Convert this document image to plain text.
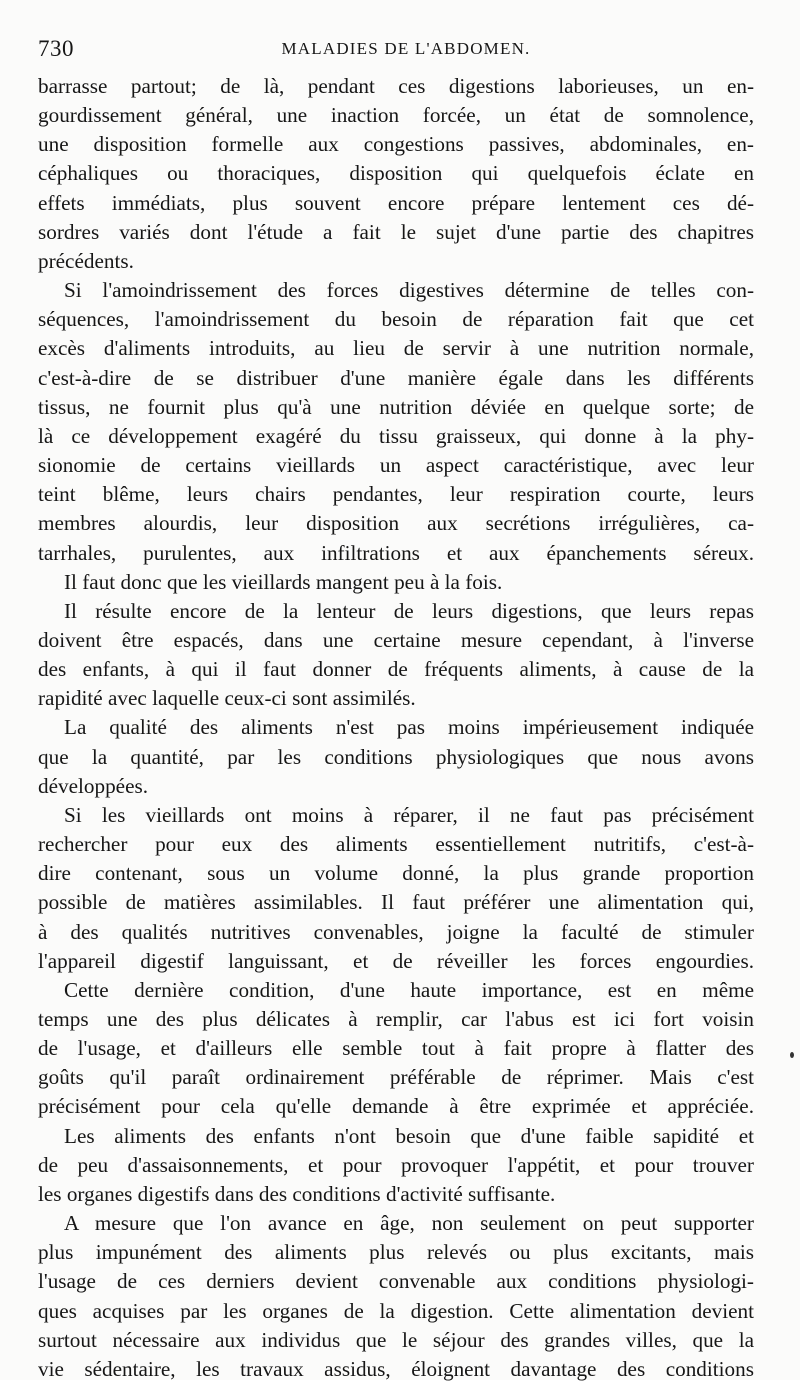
730	MALADIES DE L'ABDOMEN.
barrasse partout; de là, pendant ces digestions laborieuses, un en-
gourdissement général, une inaction forcée, un état de somnolence,
une disposition formelle aux congestions passives, abdominales, en-
céphaliques ou thoraciques, disposition qui quelquefois éclate en
effets immédiats, plus souvent encore prépare lentement ces dé-
sordres variés dont l'étude a fait le sujet d'une partie des chapitres
précédents.
Si l'amoindrissement des forces digestives détermine de telles con-
séquences, l'amoindrissement du besoin de réparation fait que cet
excès d'aliments introduits, au lieu de servir à une nutrition normale,
c'est-à-dire de se distribuer d'une manière égale dans les différents
tissus, ne fournit plus qu'à une nutrition déviée en quelque sorte; de
là ce développement exagéré du tissu graisseux, qui donne à la phy-
sionomie de certains vieillards un aspect caractéristique, avec leur
teint blême, leurs chairs pendantes, leur respiration courte, leurs
membres alourdis, leur disposition aux secrétions irrégulières, ca-
tarrhales, purulentes, aux infiltrations et aux épanchements séreux.
Il faut donc que les vieillards mangent peu à la fois.
Il résulte encore de la lenteur de leurs digestions, que leurs repas
doivent être espacés, dans une certaine mesure cependant, à l'inverse
des enfants, à qui il faut donner de fréquents aliments, à cause de la
rapidité avec laquelle ceux-ci sont assimilés.
La qualité des aliments n'est pas moins impérieusement indiquée
que la quantité, par les conditions physiologiques que nous avons
développées.
Si les vieillards ont moins à réparer, il ne faut pas précisément
rechercher pour eux des aliments essentiellement nutritifs, c'est-à-
dire contenant, sous un volume donné, la plus grande proportion
possible de matières assimilables. Il faut préférer une alimentation qui,
à des qualités nutritives convenables, joigne la faculté de stimuler
l'appareil digestif languissant, et de réveiller les forces engourdies.
Cette dernière condition, d'une haute importance, est en même
temps une des plus délicates à remplir, car l'abus est ici fort voisin
de l'usage, et d'ailleurs elle semble tout à fait propre à flatter des
goûts qu'il paraît ordinairement préférable de réprimer. Mais c'est
précisément pour cela qu'elle demande à être exprimée et appréciée.
Les aliments des enfants n'ont besoin que d'une faible sapidité et
de peu d'assaisonnements, et pour provoquer l'appétit, et pour trouver
les organes digestifs dans des conditions d'activité suffisante.
A mesure que l'on avance en âge, non seulement on peut supporter
plus impunément des aliments plus relevés ou plus excitants, mais
l'usage de ces derniers devient convenable aux conditions physiologi-
ques acquises par les organes de la digestion. Cette alimentation devient
surtout nécessaire aux individus que le séjour des grandes villes, que la
vie sédentaire, les travaux assidus, éloignent davantage des conditions
